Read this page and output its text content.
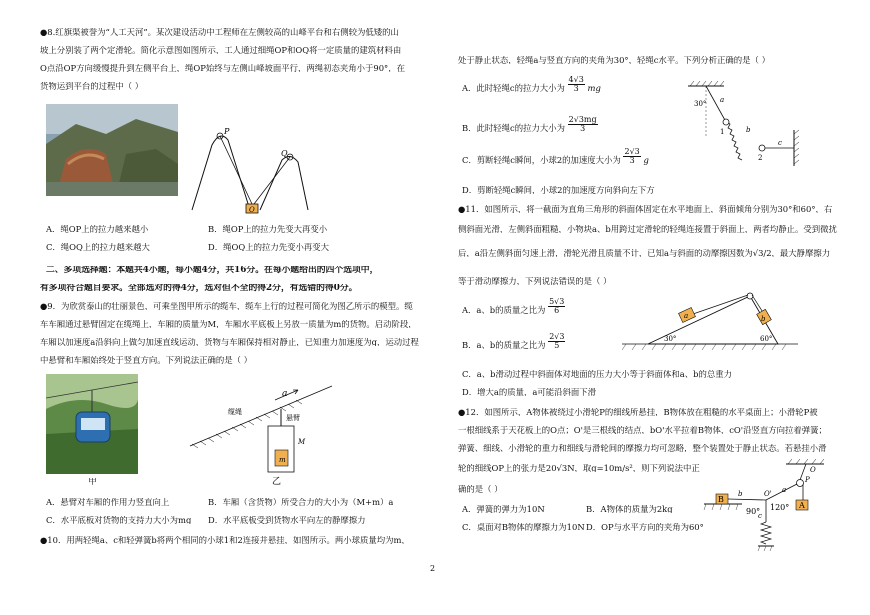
●8.红旗渠被誉为“人工天河”。某次建设活动中工程师在左侧较高的山峰平台和右侧较为低矮的山
坡上分别装了两个定滑轮。简化示意图如图所示，工人通过细绳OP和OQ将一定质量的建筑材料由
O点沿OP方向缓慢提升到左侧平台上，绳OP始终与左侧山峰坡面平行，两绳初态夹角小于90°，在
货物运到平台的过程中（ ）
P
Q
O
A．绳OP上的拉力越来越小	B．绳OP上的拉力先变大再变小
C．绳OQ上的拉力越来越大	D．绳OQ上的拉力先变小再变大
二、多项选择题：本题共4小题，每小题4分，共16分。在每小题给出的四个选项中，
有多项符合题目要求。全部选对的得4分，选对但不全的得2分，有选错的得0分。
●9．为欣赏泰山的壮丽景色，可乘坐图甲所示的缆车，缆车上行的过程可简化为图乙所示的模型。缆
车车厢通过悬臂固定在缆绳上，车厢的质量为M，车厢水平底板上另放一质量为m的货物。启动阶段，
车厢以加速度a沿斜向上做匀加速直线运动，货物与车厢保持相对静止，已知重力加速度为g，运动过程
中悬臂和车厢始终处于竖直方向。下列说法正确的是（ ）
甲
a
缆绳
悬臂
M
m
乙
A．悬臂对车厢的作用力竖直向上	B．车厢（含货物）所受合力的大小为（M+m）a
C．水平底板对货物的支持力大小为mg D．水平底板受到货物水平向左的静摩擦力
●10．用两轻绳a、c和轻弹簧b将两个相同的小球1和2连接并悬挂，如图所示。两小球质量均为m，
处于静止状态，轻绳a与竖直方向的夹角为30°，轻绳c水平。下列分析正确的是（ ）
A．此时轻绳c的拉力大小为 $\frac{4√3}{3}$ mg
B．此时轻绳c的拉力大小为 $\frac{2√3mg}{3}$
C．剪断轻绳c瞬间，小球2的加速度大小为 $\frac{2√3}{3}$ g
D．剪断轻绳c瞬间，小球2的加速度方向斜向左下方
30° a
b
c
1
2
●11．如图所示，将一截面为直角三角形的斜面体固定在水平地面上，斜面倾角分别为30°和60°，右
侧斜面光滑，左侧斜面粗糙，小物块a、b用跨过定滑轮的轻绳连接置于斜面上，两者均静止。受到微扰
后，a沿左侧斜面匀速上滑，滑轮光滑且质量不计，已知a与斜面的动摩擦因数为√3/2，最大静摩擦力
等于滑动摩擦力，下列说法错误的是（ ）
A．a、b的质量之比为 $\frac{5√3}{6}$
B．a、b的质量之比为 $\frac{2√3}{5}$
C．a、b滑动过程中斜面体对地面的压力大小等于斜面体和a、b的总重力
D．增大a的质量，a可能沿斜面下滑
a	b
30°	60°
●12．如图所示，A物体被绕过小滑轮P的细线所悬挂，B物体放在粗糙的水平桌面上；小滑轮P被
一根细线系于天花板上的O点；O'是三根线的结点，bO'水平拉着B物体，cO'沿竖直方向拉着弹簧；
弹簧、细线、小滑轮的重力和细线与滑轮间的摩擦力均可忽略，整个装置处于静止状态。若悬挂小滑
轮的细线OP上的张力是20√3N，取g=10m/s²，则下列说法中正
确的是（ ）
A．弹簧的弹力为10N	B．A物体的质量为2kg
C．桌面对B物体的摩擦力为10N D．OP与水平方向的夹角为60°
O
P
O'
B
A
90° 120°
b
c
a
2
